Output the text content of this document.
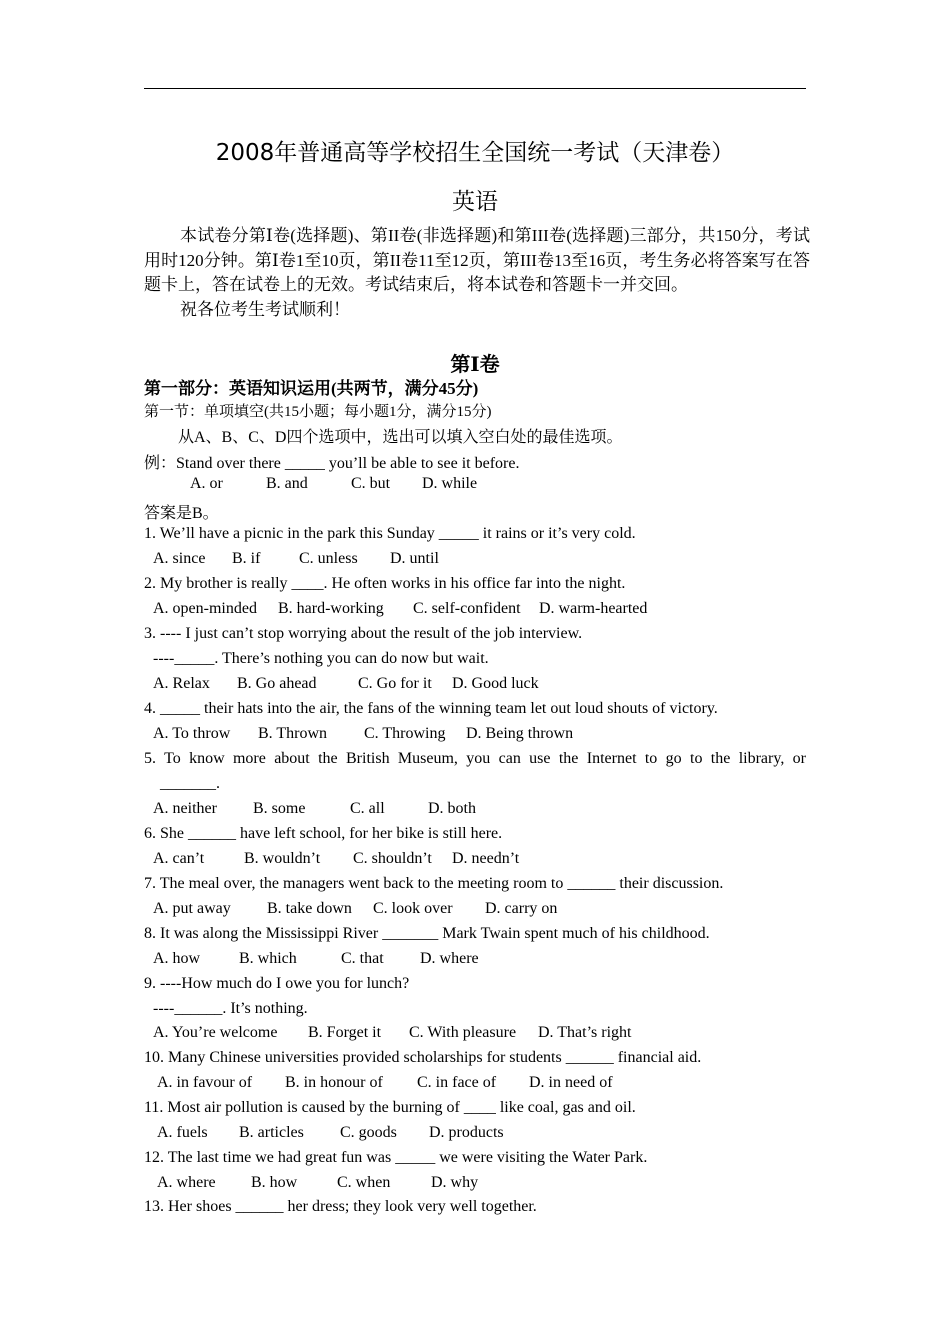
2008年普通高等学校招生全国统一考试（天津卷）
英语

本试卷分第Ⅰ卷(选择题)、第II卷(非选择题)和第III卷(选择题)三部分，共150分，考试用时120分钟。第Ⅰ卷1至10页，第II卷11至12页，第III卷13至16页，考生务必将答案写在答题卡上，答在试卷上的无效。考试结束后，将本试卷和答题卡一并交回。

祝各位考生考试顺利！

第Ⅰ卷
第一部分：英语知识运用(共两节，满分45分)
第一节：单项填空(共15小题；每小题1分，满分15分)
从A、B、C、D四个选项中，选出可以填入空白处的最佳选项。
例：Stand over there _____ you’ll be able to see it before.
A. or	B. and	C. but	D. while
答案是B。
1. We’ll have a picnic in the park this Sunday _____ it rains or it’s very cold.
A. since	B. if	C. unless	D. until
2. My brother is really ____. He often works in his office far into the night.
A. open-minded	B. hard-working	C. self-confident	D. warm-hearted
3. ---- I just can’t stop worrying about the result of the job interview.
----_____. There’s nothing you can do now but wait.
A. Relax	B. Go ahead	C. Go for it	D. Good luck
4. _____ their hats into the air, the fans of the winning team let out loud shouts of victory.
A. To throw	B. Thrown	C. Throwing	D. Being thrown
5. To know more about the British Museum, you can use the Internet to go to the library, or
_______.
A. neither	B. some	C. all	D. both
6. She ______ have left school, for her bike is still here.
A. can’t	B. wouldn’t	C. shouldn’t	D. needn’t
7. The meal over, the managers went back to the meeting room to ______ their discussion.
A. put away	B. take down	C. look over	D. carry on
8. It was along the Mississippi River _______ Mark Twain spent much of his childhood.
A. how	B. which	C. that	D. where
9. ----How much do I owe you for lunch?
----______. It’s nothing.
A. You’re welcome	B. Forget it	C. With pleasure	D. That’s right
10. Many Chinese universities provided scholarships for students ______ financial aid.
A. in favour of	B. in honour of	C. in face of	D. in need of
11. Most air pollution is caused by the burning of ____ like coal, gas and oil.
A. fuels	B. articles	C. goods	D. products
12. The last time we had great fun was _____ we were visiting the Water Park.
A. where	B. how	C. when	D. why
13. Her shoes ______ her dress; they look very well together.
